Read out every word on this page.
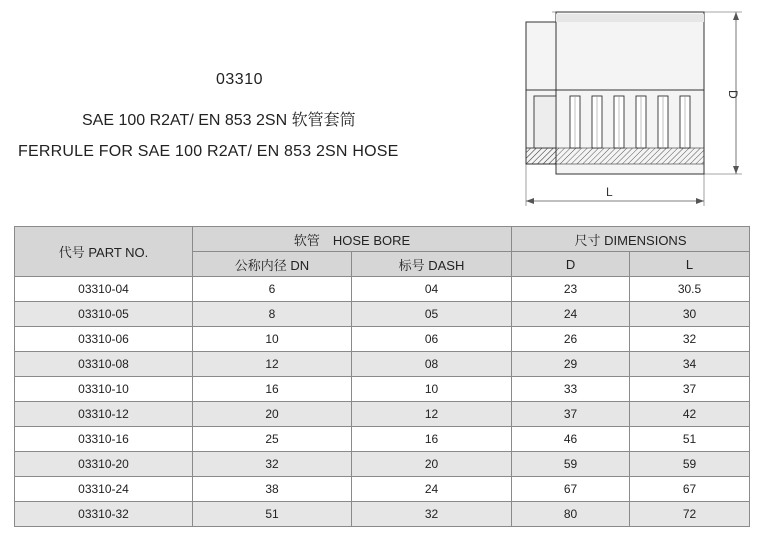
03310
SAE 100 R2AT/ EN 853 2SN 软管套筒
FERRULE FOR SAE 100 R2AT/ EN 853 2SN HOSE
D
L
代号 PART NO.	软管　HOSE BORE		尺寸 DIMENSIONS	
	公称内径 DN	标号 DASH	D	L
03310-04	6	04	23	30.5
03310-05	8	05	24	30
03310-06	10	06	26	32
03310-08	12	08	29	34
03310-10	16	10	33	37
03310-12	20	12	37	42
03310-16	25	16	46	51
03310-20	32	20	59	59
03310-24	38	24	67	67
03310-32	51	32	80	72
